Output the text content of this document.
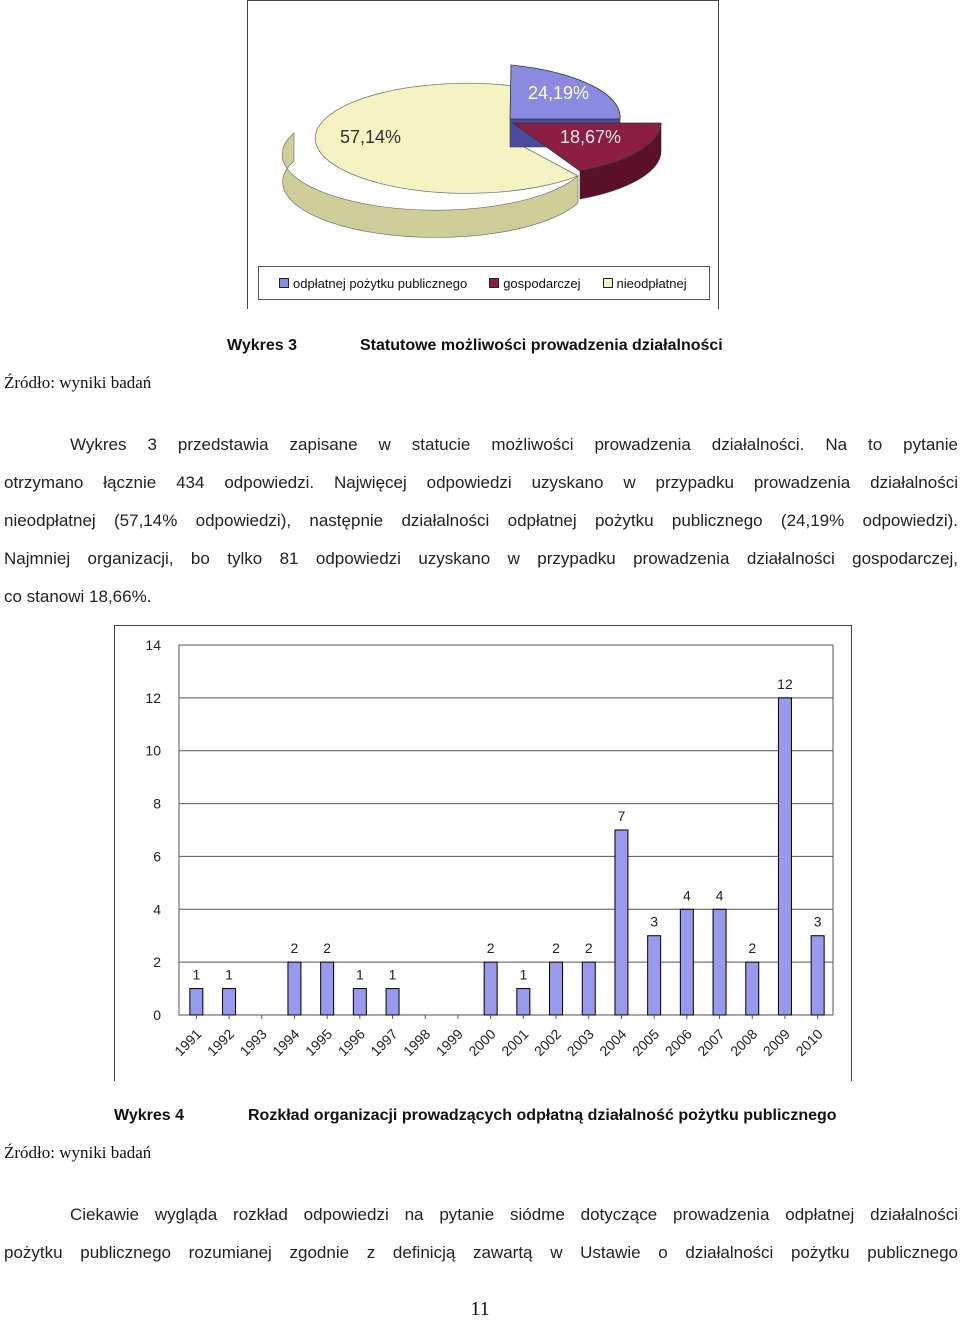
24,19%
18,67%
57,14%
odpłatnej pożytku publicznego	gospodarczej	nieodpłatnej
Wykres 3	Statutowe możliwości prowadzenia działalności
Źródło: wyniki badań
Wykres 3 przedstawia zapisane w statucie możliwości prowadzenia działalności. Na to pytanie
otrzymano łącznie 434 odpowiedzi. Najwięcej odpowiedzi uzyskano w przypadku prowadzenia działalności
nieodpłatnej (57,14% odpowiedzi), następnie działalności odpłatnej pożytku publicznego (24,19% odpowiedzi).
Najmniej organizacji, bo tylko 81 odpowiedzi uzyskano w przypadku prowadzenia działalności gospodarczej,
co stanowi 18,66%.
0
2
4
6
8
10
12
14
1
1991
1
1992 1993
2
1994
2
1995
1
1996
1
1997 1998 1999
2
2000
1
2001
2
2002
2
2003
7
2004
3
2005
4
2006
4
2007
2
2008
12
2009
3
2010
Wykres 4	Rozkład organizacji prowadzących odpłatną działalność pożytku publicznego
Źródło: wyniki badań
Ciekawie wygląda rozkład odpowiedzi na pytanie siódme dotyczące prowadzenia odpłatnej działalności
pożytku publicznego rozumianej zgodnie z definicją zawartą w Ustawie o działalności pożytku publicznego
11
